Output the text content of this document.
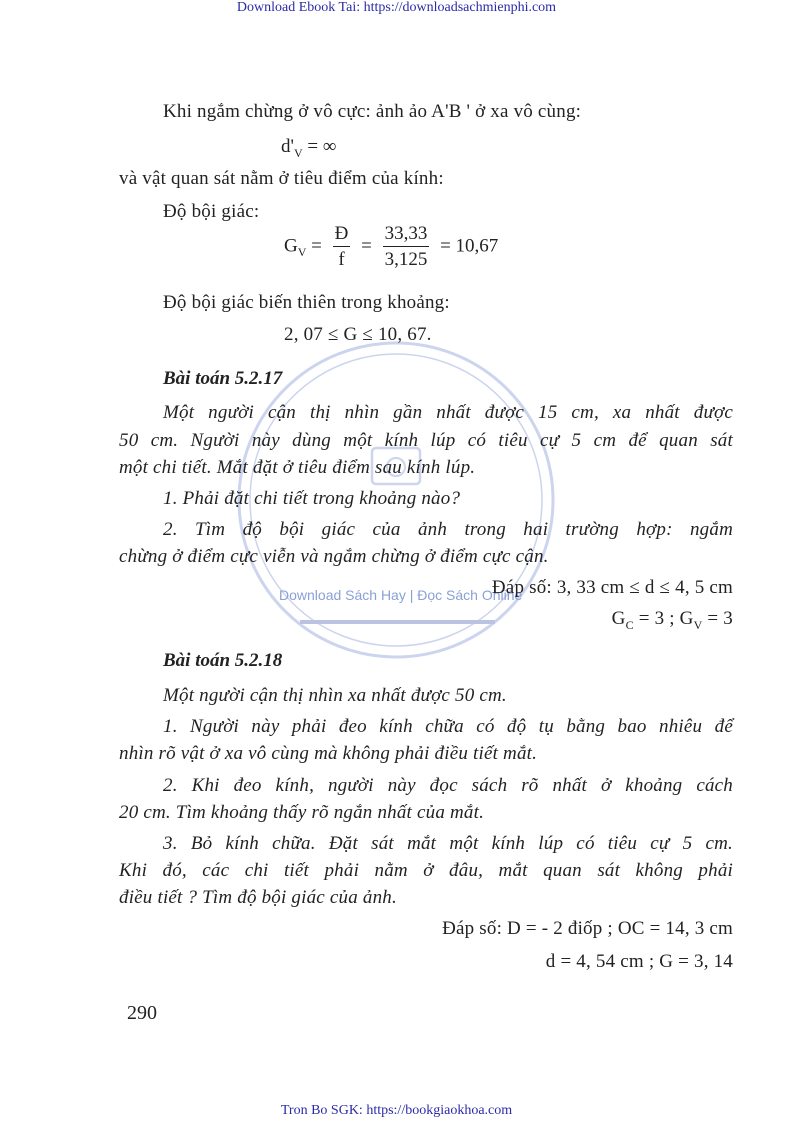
Download Ebook Tai: https://downloadsachmienphi.com
Download Sách Hay | Đọc Sách Online
Khi ngắm chừng ở vô cực: ảnh ảo A'B ' ở xa vô cùng:
$d'_V$ = ∞
và vật quan sát nằm ở tiêu điểm của kính:
Độ bội giác:
$G_V = \frac{Đ}{f} = \frac{33,33}{3,125} = 10,67$
Độ bội giác biến thiên trong khoảng:
2, 07 ≤ G ≤ 10, 67.
Bài toán 5.2.17
Một người cận thị nhìn gần nhất được 15 cm, xa nhất được
50 cm. Người này dùng một kính lúp có tiêu cự 5 cm để quan sát
một chi tiết. Mắt đặt ở tiêu điểm sau kính lúp.
1. Phải đặt chi tiết trong khoảng nào?
2. Tìm độ bội giác của ảnh trong hai trường hợp: ngắm
chừng ở điểm cực viễn và ngắm chừng ở điểm cực cận.
Đáp số: 3, 33 cm ≤ d ≤ 4, 5 cm
$G_C = 3$ ; $G_V = 3$
Bài toán 5.2.18
Một người cận thị nhìn xa nhất được 50 cm.
1. Người này phải đeo kính chữa có độ tụ bằng bao nhiêu để
nhìn rõ vật ở xa vô cùng mà không phải điều tiết mắt.
2. Khi đeo kính, người này đọc sách rõ nhất ở khoảng cách
20 cm. Tìm khoảng thấy rõ ngắn nhất của mắt.
3. Bỏ kính chữa. Đặt sát mắt một kính lúp có tiêu cự 5 cm.
Khi đó, các chi tiết phải nằm ở đâu, mắt quan sát không phải
điều tiết ? Tìm độ bội giác của ảnh.
Đáp số: D = - 2 điốp ; OC = 14, 3 cm
d = 4, 54 cm ; G = 3, 14
290
Tron Bo SGK: https://bookgiaokhoa.com
